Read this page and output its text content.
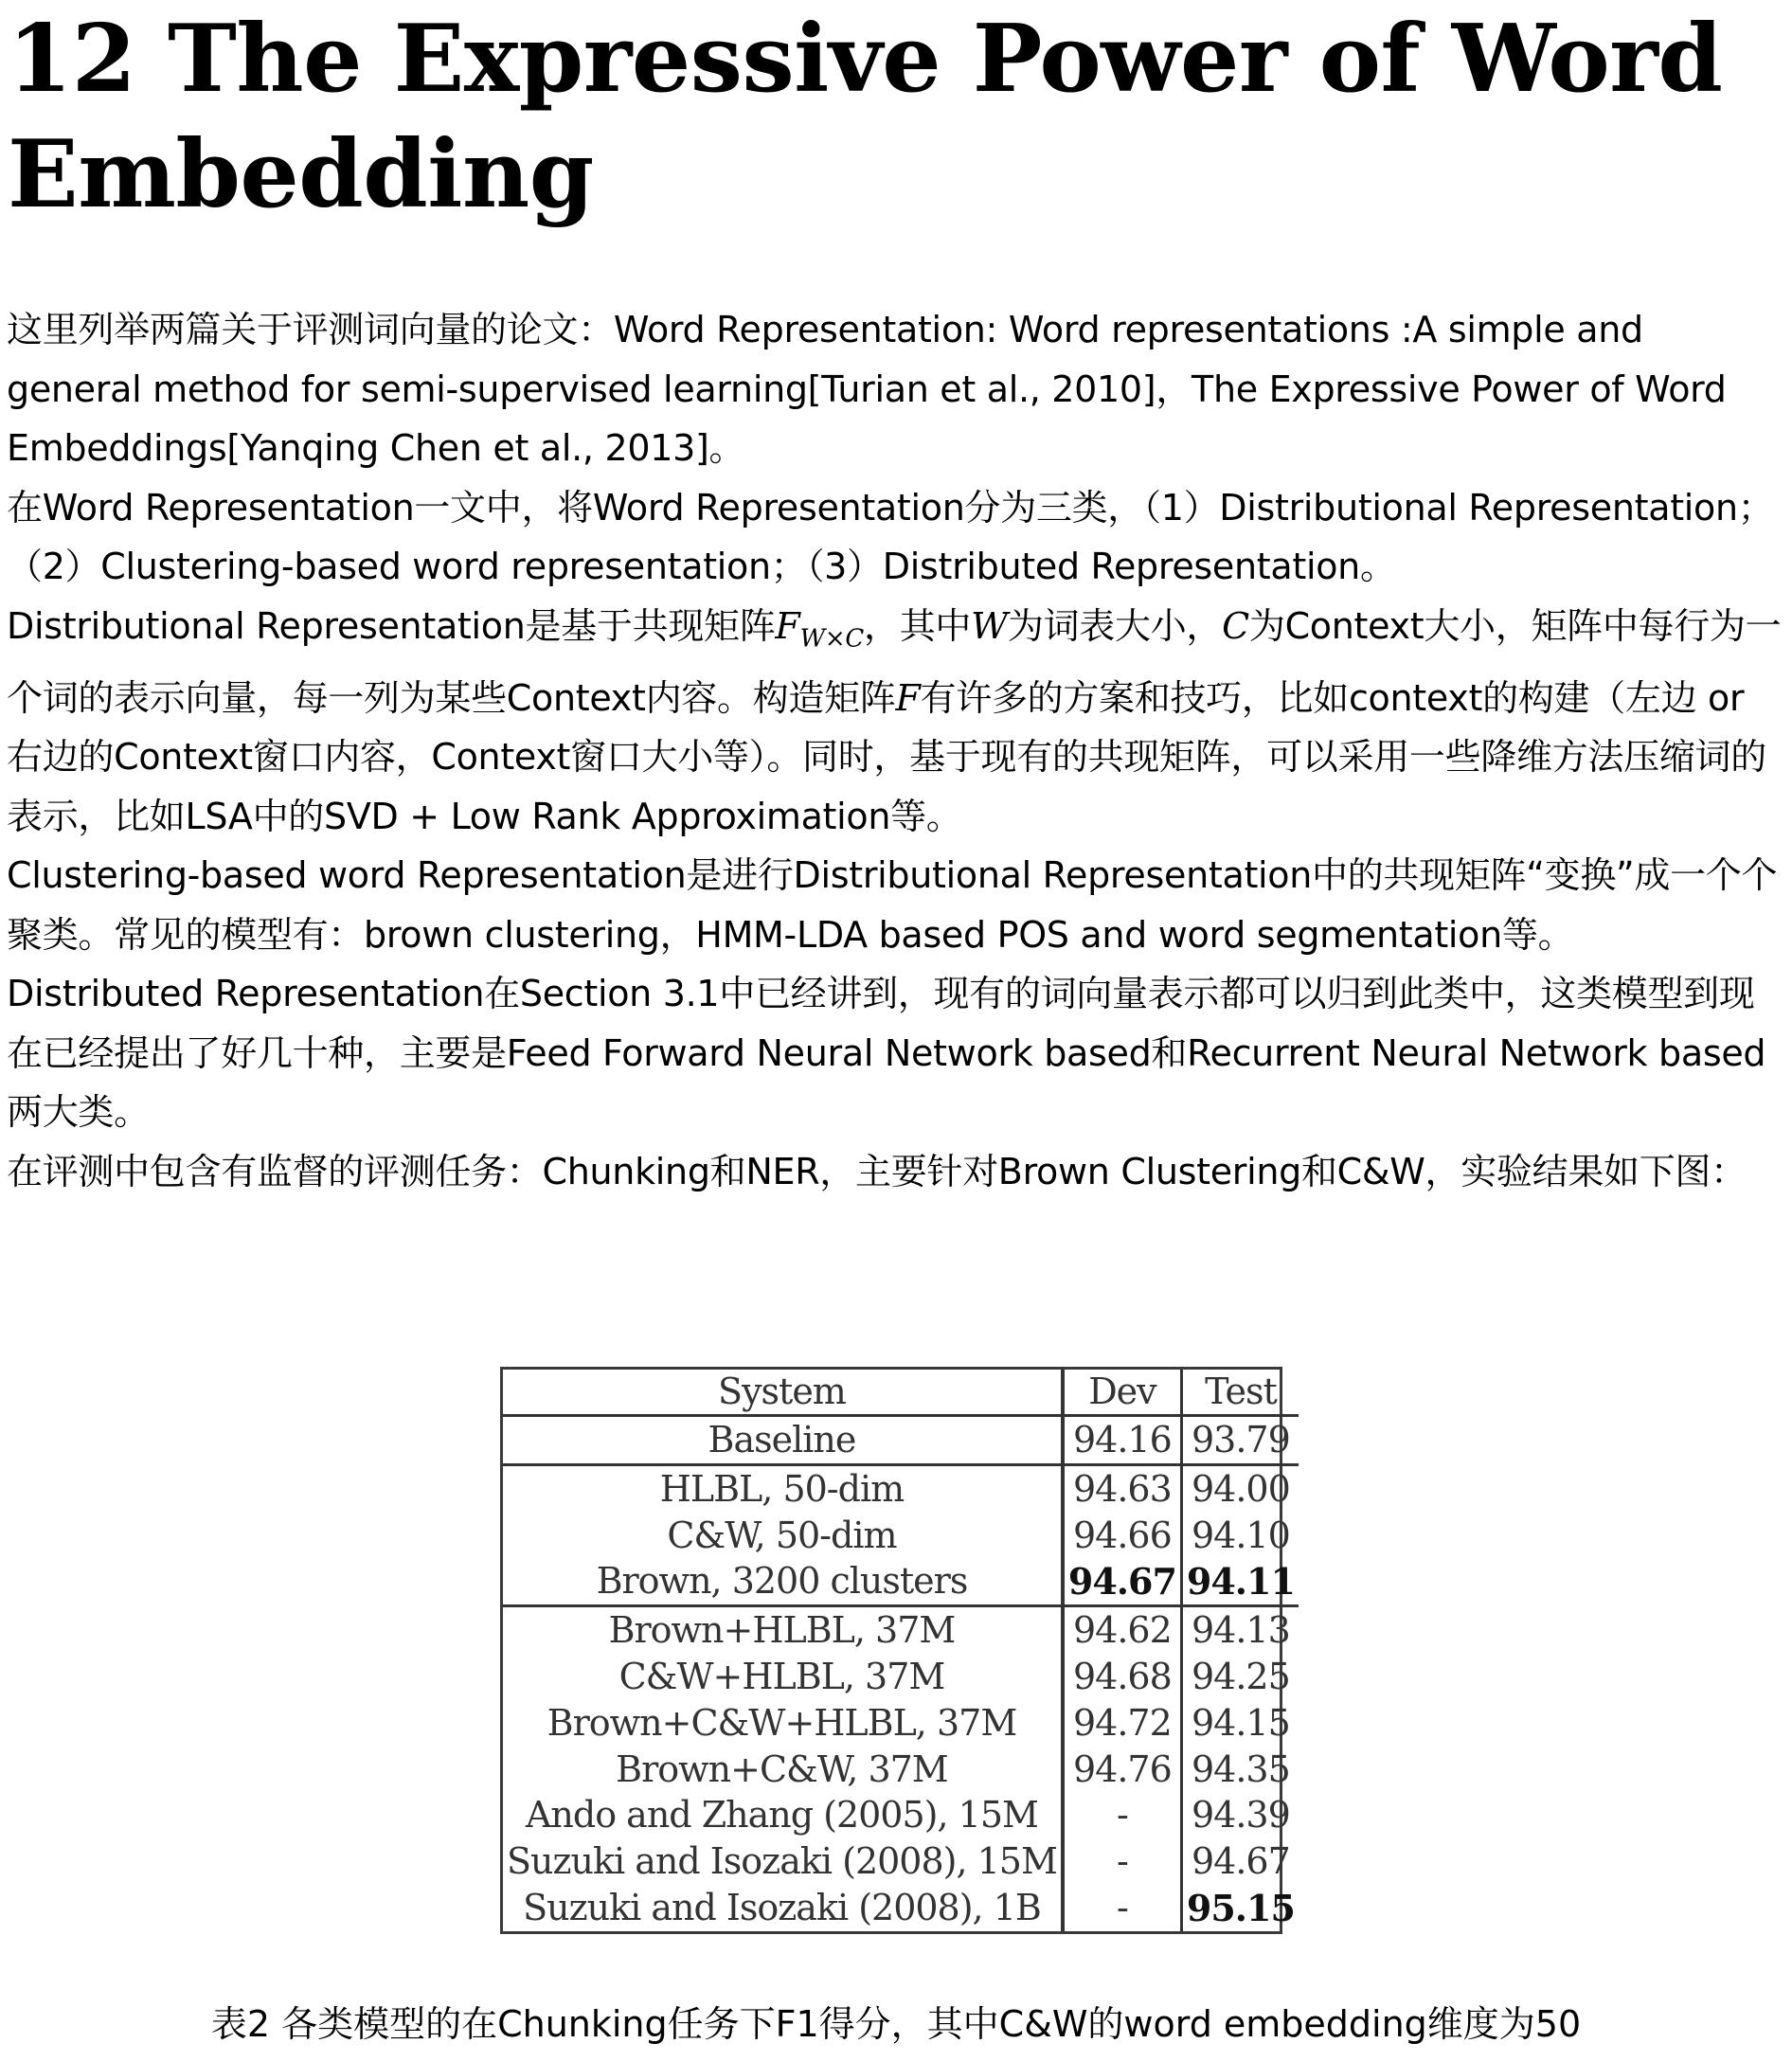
12 The Expressive Power of Word Embedding

这里列举两篇关于评测词向量的论文：Word Representation: Word representations :A simple and general method for semi-supervised learning[Turian et al., 2010]，The Expressive Power of Word Embeddings[Yanqing Chen et al., 2013]。

在Word Representation一文中，将Word Representation分为三类，（1）Distributional Representation；（2）Clustering-based word representation；（3）Distributed Representation。

Distributional Representation是基于共现矩阵$F_{W\times C}$，其中W为词表大小，C为Context大小，矩阵中每行为一个词的表示向量，每一列为某些Context内容。构造矩阵F有许多的方案和技巧，比如context的构建（左边 or 右边的Context窗口内容，Context窗口大小等）。同时，基于现有的共现矩阵，可以采用一些降维方法压缩词的表示，比如LSA中的SVD + Low Rank Approximation等。

Clustering-based word Representation是进行Distributional Representation中的共现矩阵“变换”成一个个聚类。常见的模型有：brown clustering，HMM-LDA based POS and word segmentation等。

Distributed Representation在Section 3.1中已经讲到，现有的词向量表示都可以归到此类中，这类模型到现在已经提出了好几十种，主要是Feed Forward Neural Network based和Recurrent Neural Network based两大类。

在评测中包含有监督的评测任务：Chunking和NER，主要针对Brown Clustering和C&W，实验结果如下图：

System	Dev	Test
Baseline	94.16	93.79
HLBL, 50-dim	94.63	94.00
C&W, 50-dim	94.66	94.10
Brown, 3200 clusters	94.67	94.11
Brown+HLBL, 37M	94.62	94.13
C&W+HLBL, 37M	94.68	94.25
Brown+C&W+HLBL, 37M	94.72	94.15
Brown+C&W, 37M	94.76	94.35
Ando and Zhang (2005), 15M	-	94.39
Suzuki and Isozaki (2008), 15M	-	94.67
Suzuki and Isozaki (2008), 1B	-	95.15
表2 各类模型的在Chunking任务下F1得分，其中C&W的word embedding维度为50
